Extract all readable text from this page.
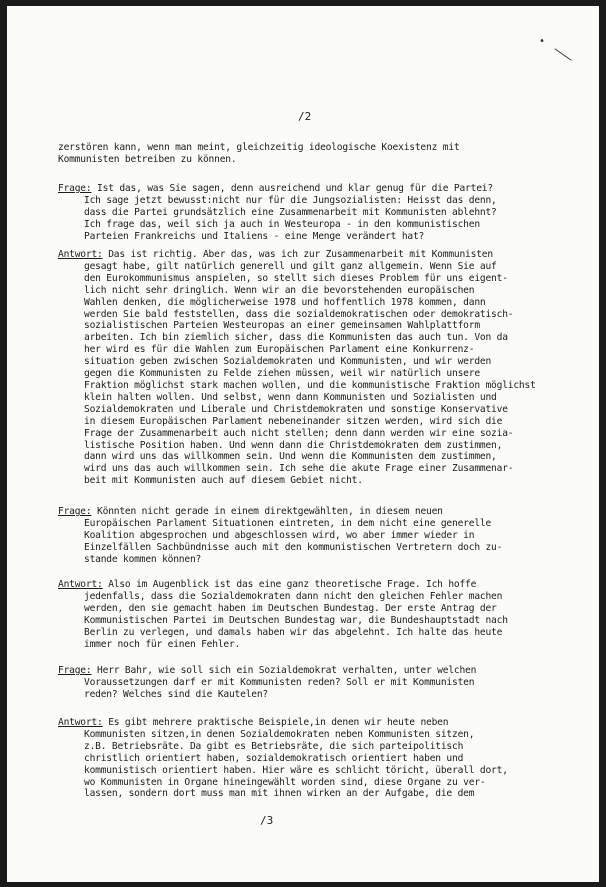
•
/2
zerstören kann, wenn man meint, gleichzeitig ideologische Koexistenz mit
Kommunisten betreiben zu können.
Frage: Ist das, was Sie sagen, denn ausreichend und klar genug für die Partei?
Ich sage jetzt bewusst:nicht nur für die Jungsozialisten: Heisst das denn,
dass die Partei grundsätzlich eine Zusammenarbeit mit Kommunisten ablehnt?
Ich frage das, weil sich ja auch in Westeuropa - in den kommunistischen
Parteien Frankreichs und Italiens - eine Menge verändert hat?
Antwort: Das ist richtig. Aber das, was ich zur Zusammenarbeit mit Kommunisten
gesagt habe, gilt natürlich generell und gilt ganz allgemein. Wenn Sie auf
den Eurokommunismus anspielen, so stellt sich dieses Problem für uns eigent-
lich nicht sehr dringlich. Wenn wir an die bevorstehenden europäischen
Wahlen denken, die möglicherweise 1978 und hoffentlich 1978 kommen, dann
werden Sie bald feststellen, dass die sozialdemokratischen oder demokratisch-
sozialistischen Parteien Westeuropas an einer gemeinsamen Wahlplattform
arbeiten. Ich bin ziemlich sicher, dass die Kommunisten das auch tun. Von da
her wird es für die Wahlen zum Europäischen Parlament eine Konkurrenz-
situation geben zwischen Sozialdemokraten und Kommunisten, und wir werden
gegen die Kommunisten zu Felde ziehen müssen, weil wir natürlich unsere
Fraktion möglichst stark machen wollen, und die kommunistische Fraktion möglichst
klein halten wollen. Und selbst, wenn dann Kommunisten und Sozialisten und
Sozialdemokraten und Liberale und Christdemokraten und sonstige Konservative
in diesem Europäischen Parlament nebeneinander sitzen werden, wird sich die
Frage der Zusammenarbeit auch nicht stellen; denn dann werden wir eine sozia-
listische Position haben. Und wenn dann die Christdemokraten dem zustimmen,
dann wird uns das willkommen sein. Und wenn die Kommunisten dem zustimmen,
wird uns das auch willkommen sein. Ich sehe die akute Frage einer Zusammenar-
beit mit Kommunisten auch auf diesem Gebiet nicht.
Frage: Könnten nicht gerade in einem direktgewählten, in diesem neuen
Europäischen Parlament Situationen eintreten, in dem nicht eine generelle
Koalition abgesprochen und abgeschlossen wird, wo aber immer wieder in
Einzelfällen Sachbündnisse auch mit den kommunistischen Vertretern doch zu-
stande kommen können?
Antwort: Also im Augenblick ist das eine ganz theoretische Frage. Ich hoffe
jedenfalls, dass die Sozialdemokraten dann nicht den gleichen Fehler machen
werden, den sie gemacht haben im Deutschen Bundestag. Der erste Antrag der
Kommunistischen Partei im Deutschen Bundestag war, die Bundeshauptstadt nach
Berlin zu verlegen, und damals haben wir das abgelehnt. Ich halte das heute
immer noch für einen Fehler.
Frage: Herr Bahr, wie soll sich ein Sozialdemokrat verhalten, unter welchen
Voraussetzungen darf er mit Kommunisten reden? Soll er mit Kommunisten
reden? Welches sind die Kautelen?
Antwort: Es gibt mehrere praktische Beispiele,in denen wir heute neben
Kommunisten sitzen,in denen Sozialdemokraten neben Kommunisten sitzen,
z.B. Betriebsräte. Da gibt es Betriebsräte, die sich parteipolitisch
christlich orientiert haben, sozialdemokratisch orientiert haben und
kommunistisch orientiert haben. Hier wäre es schlicht töricht, überall dort,
wo Kommunisten in Organe hineingewählt worden sind, diese Organe zu ver-
lassen, sondern dort muss man mit ihnen wirken an der Aufgabe, die dem
/3
